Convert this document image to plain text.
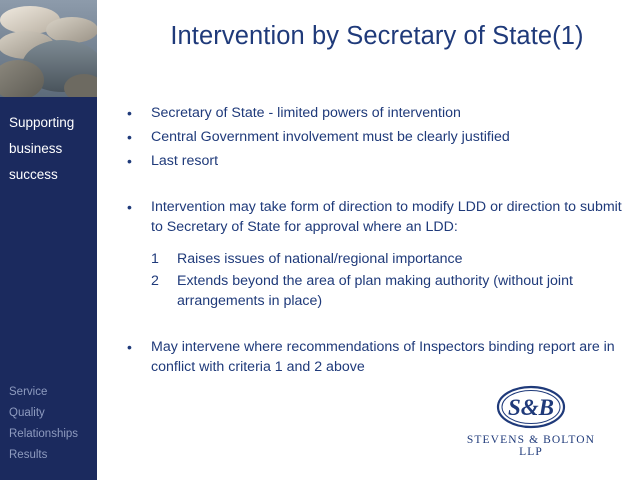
Supporting
business
success
Service
Quality
Relationships
Results
Intervention by Secretary of State(1)
• Secretary of State - limited powers of intervention
• Central Government involvement must be clearly justified
• Last resort
• Intervention may take form of direction to modify LDD or direction to submit to Secretary of State for approval where an LDD:
1 Raises issues of national/regional importance
2 Extends beyond the area of plan making authority (without joint arrangements in place)
• May intervene where recommendations of Inspectors binding report are in conflict with criteria 1 and 2 above
S&B
STEVENS & BOLTON LLP
